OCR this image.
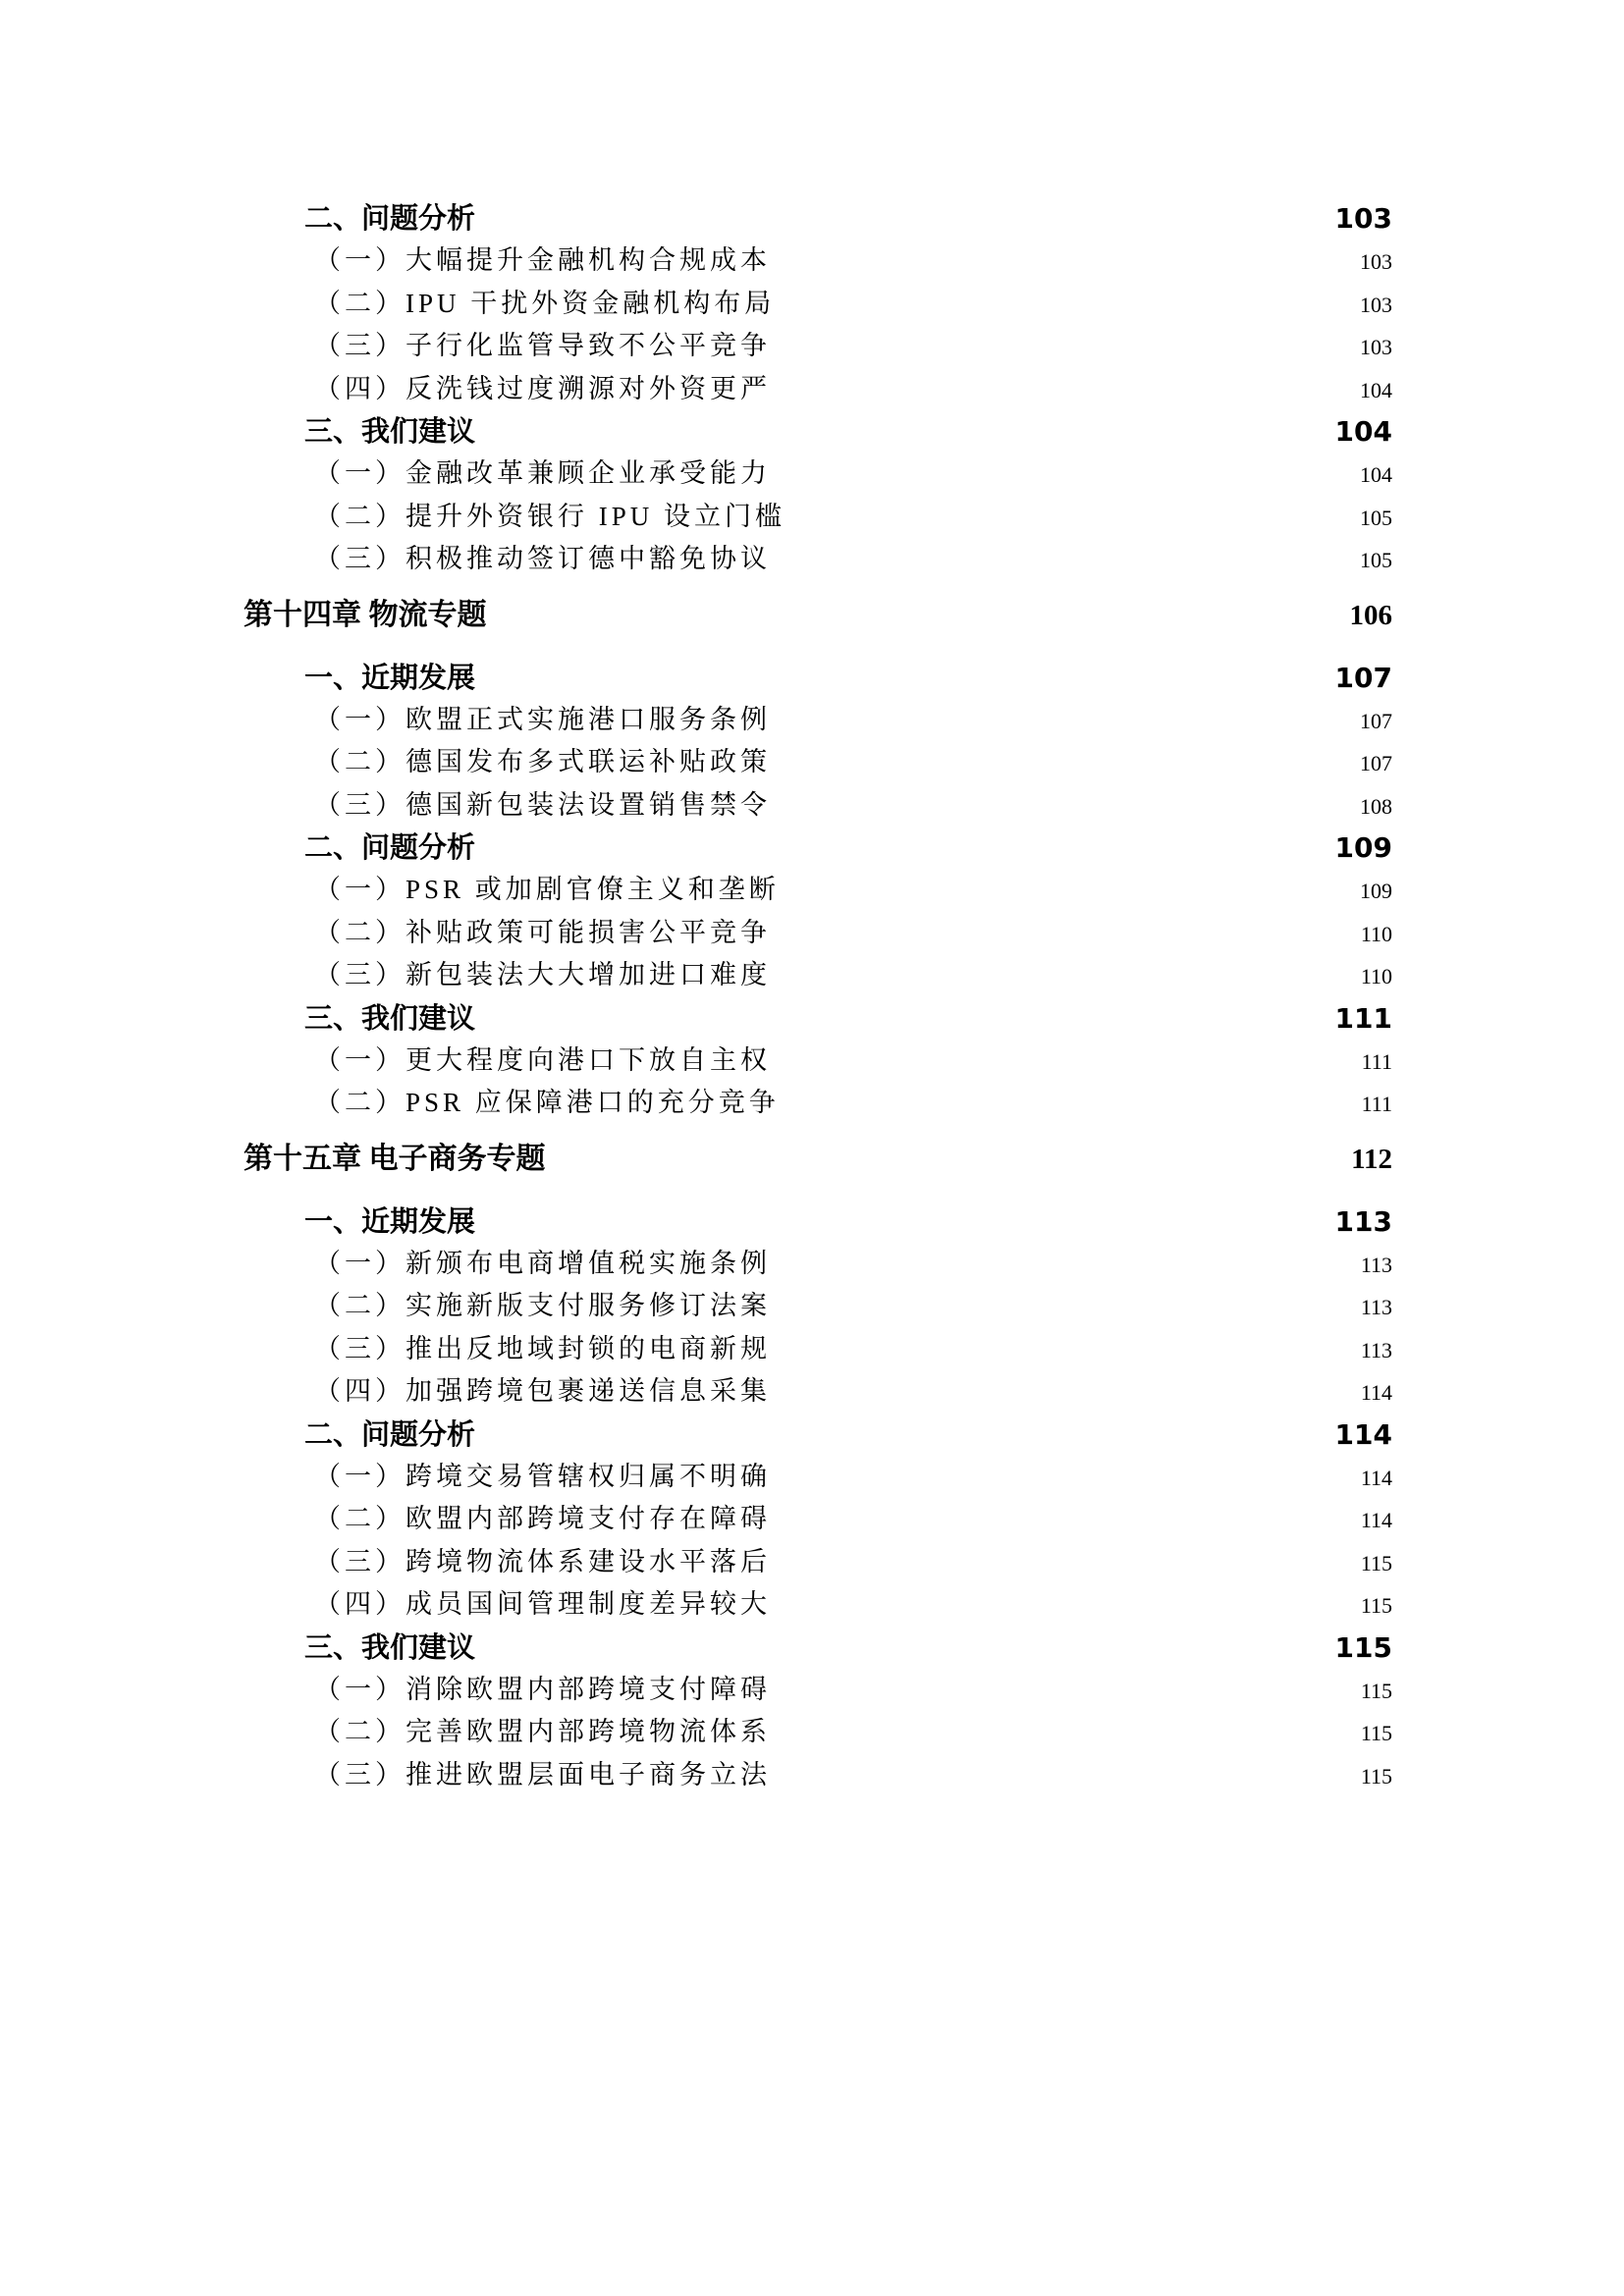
二、问题分析	103
（一）大幅提升金融机构合规成本	103
（二）IPU 干扰外资金融机构布局	103
（三）子行化监管导致不公平竞争	103
（四）反洗钱过度溯源对外资更严	104
三、我们建议	104
（一）金融改革兼顾企业承受能力	104
（二）提升外资银行 IPU 设立门槛	105
（三）积极推动签订德中豁免协议	105
第十四章 物流专题	106
一、近期发展	107
（一）欧盟正式实施港口服务条例	107
（二）德国发布多式联运补贴政策	107
（三）德国新包装法设置销售禁令	108
二、问题分析	109
（一）PSR 或加剧官僚主义和垄断	109
（二）补贴政策可能损害公平竞争	110
（三）新包装法大大增加进口难度	110
三、我们建议	111
（一）更大程度向港口下放自主权	111
（二）PSR 应保障港口的充分竞争	111
第十五章 电子商务专题	112
一、近期发展	113
（一）新颁布电商增值税实施条例	113
（二）实施新版支付服务修订法案	113
（三）推出反地域封锁的电商新规	113
（四）加强跨境包裹递送信息采集	114
二、问题分析	114
（一）跨境交易管辖权归属不明确	114
（二）欧盟内部跨境支付存在障碍	114
（三）跨境物流体系建设水平落后	115
（四）成员国间管理制度差异较大	115
三、我们建议	115
（一）消除欧盟内部跨境支付障碍	115
（二）完善欧盟内部跨境物流体系	115
（三）推进欧盟层面电子商务立法	115
